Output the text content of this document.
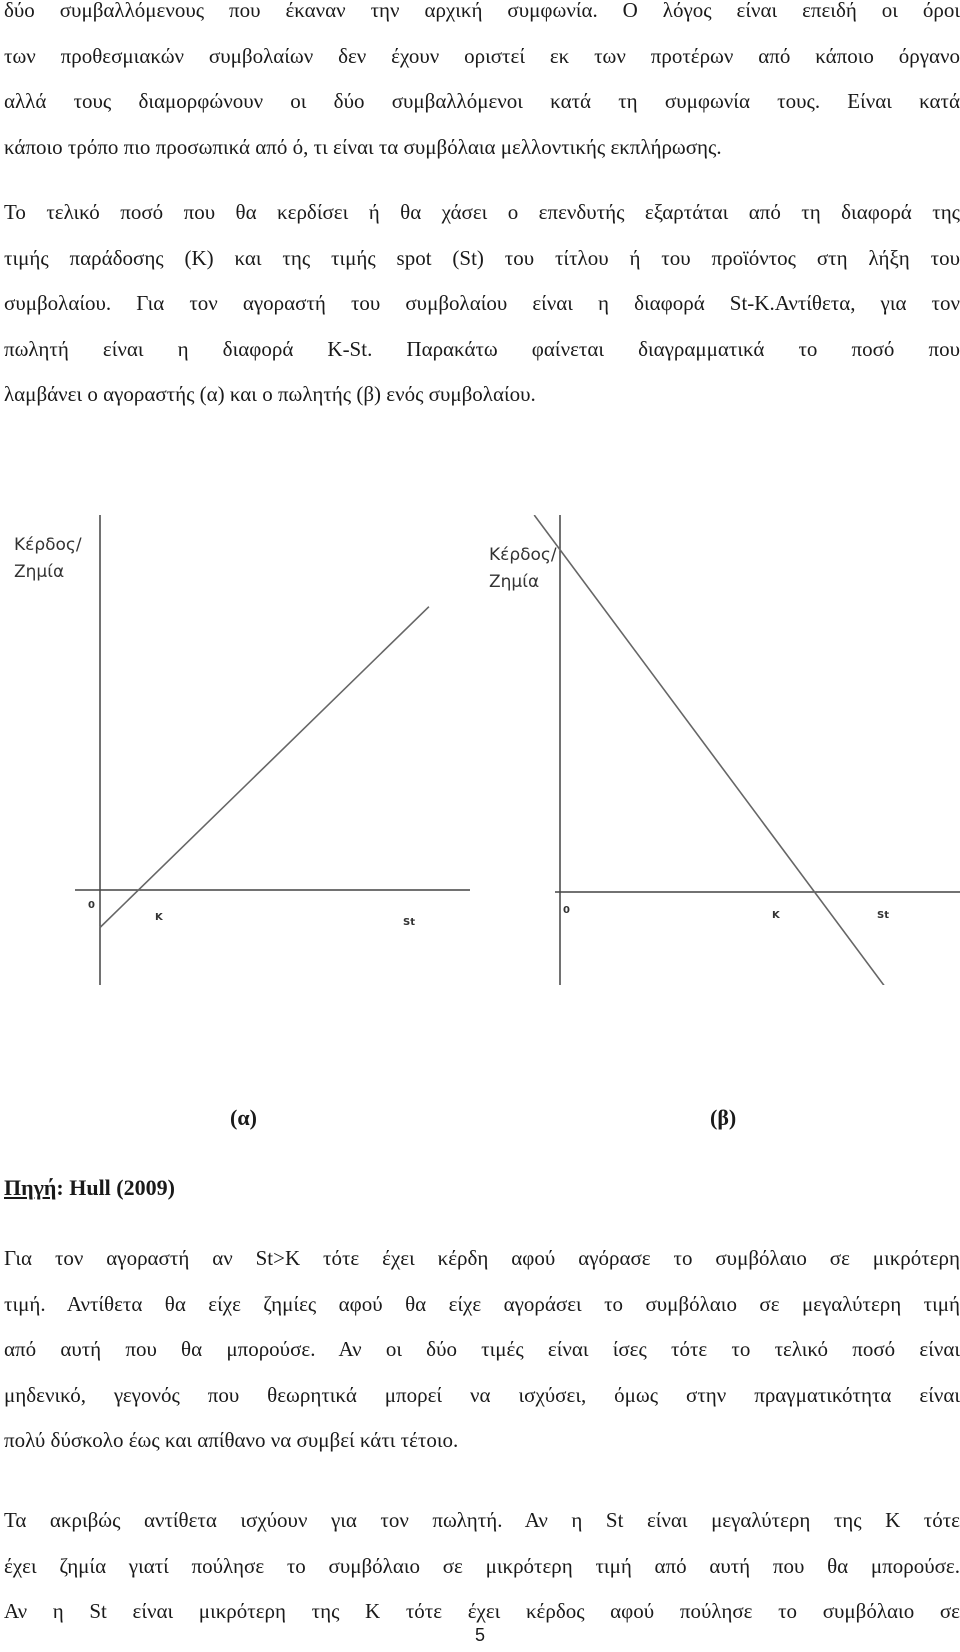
δύο συμβαλλόμενους που έκαναν την αρχική συμφωνία. Ο λόγος είναι επειδή οι όροι
των προθεσμιακών συμβολαίων δεν έχουν οριστεί εκ των προτέρων από κάποιο όργανο
αλλά τους διαμορφώνουν οι δύο συμβαλλόμενοι κατά τη συμφωνία τους. Είναι κατά
κάποιο τρόπο πιο προσωπικά από ό, τι είναι τα συμβόλαια μελλοντικής εκπλήρωσης.
Το τελικό ποσό που θα κερδίσει ή θα χάσει ο επενδυτής εξαρτάται από τη διαφορά της
τιμής παράδοσης (Κ) και της τιμής spot (St) του τίτλου ή του προϊόντος στη λήξη του
συμβολαίου. Για τον αγοραστή του συμβολαίου είναι η διαφορά St-K.Αντίθετα, για τον
πωλητή είναι η διαφορά K-St. Παρακάτω φαίνεται διαγραμματικά το ποσό που
λαμβάνει ο αγοραστής (α) και ο πωλητής (β) ενός συμβολαίου.
Κέρδος/
Ζημία
0
K	St
Κέρδος/
Ζημία
0	K	St
(α)	(β)
Πηγή: Hull (2009)
Για τον αγοραστή αν St>K τότε έχει κέρδη αφού αγόρασε το συμβόλαιο σε μικρότερη
τιμή. Αντίθετα θα είχε ζημίες αφού θα είχε αγοράσει το συμβόλαιο σε μεγαλύτερη τιμή
από αυτή που θα μπορούσε. Αν οι δύο τιμές είναι ίσες τότε το τελικό ποσό είναι
μηδενικό, γεγονός που θεωρητικά μπορεί να ισχύσει, όμως στην πραγματικότητα είναι
πολύ δύσκολο έως και απίθανο να συμβεί κάτι τέτοιο.
Τα ακριβώς αντίθετα ισχύουν για τον πωλητή. Αν η St είναι μεγαλύτερη της K τότε
έχει ζημία γιατί πούλησε το συμβόλαιο σε μικρότερη τιμή από αυτή που θα μπορούσε.
Αν η St είναι μικρότερη της K τότε έχει κέρδος αφού πούλησε το συμβόλαιο σε
5
